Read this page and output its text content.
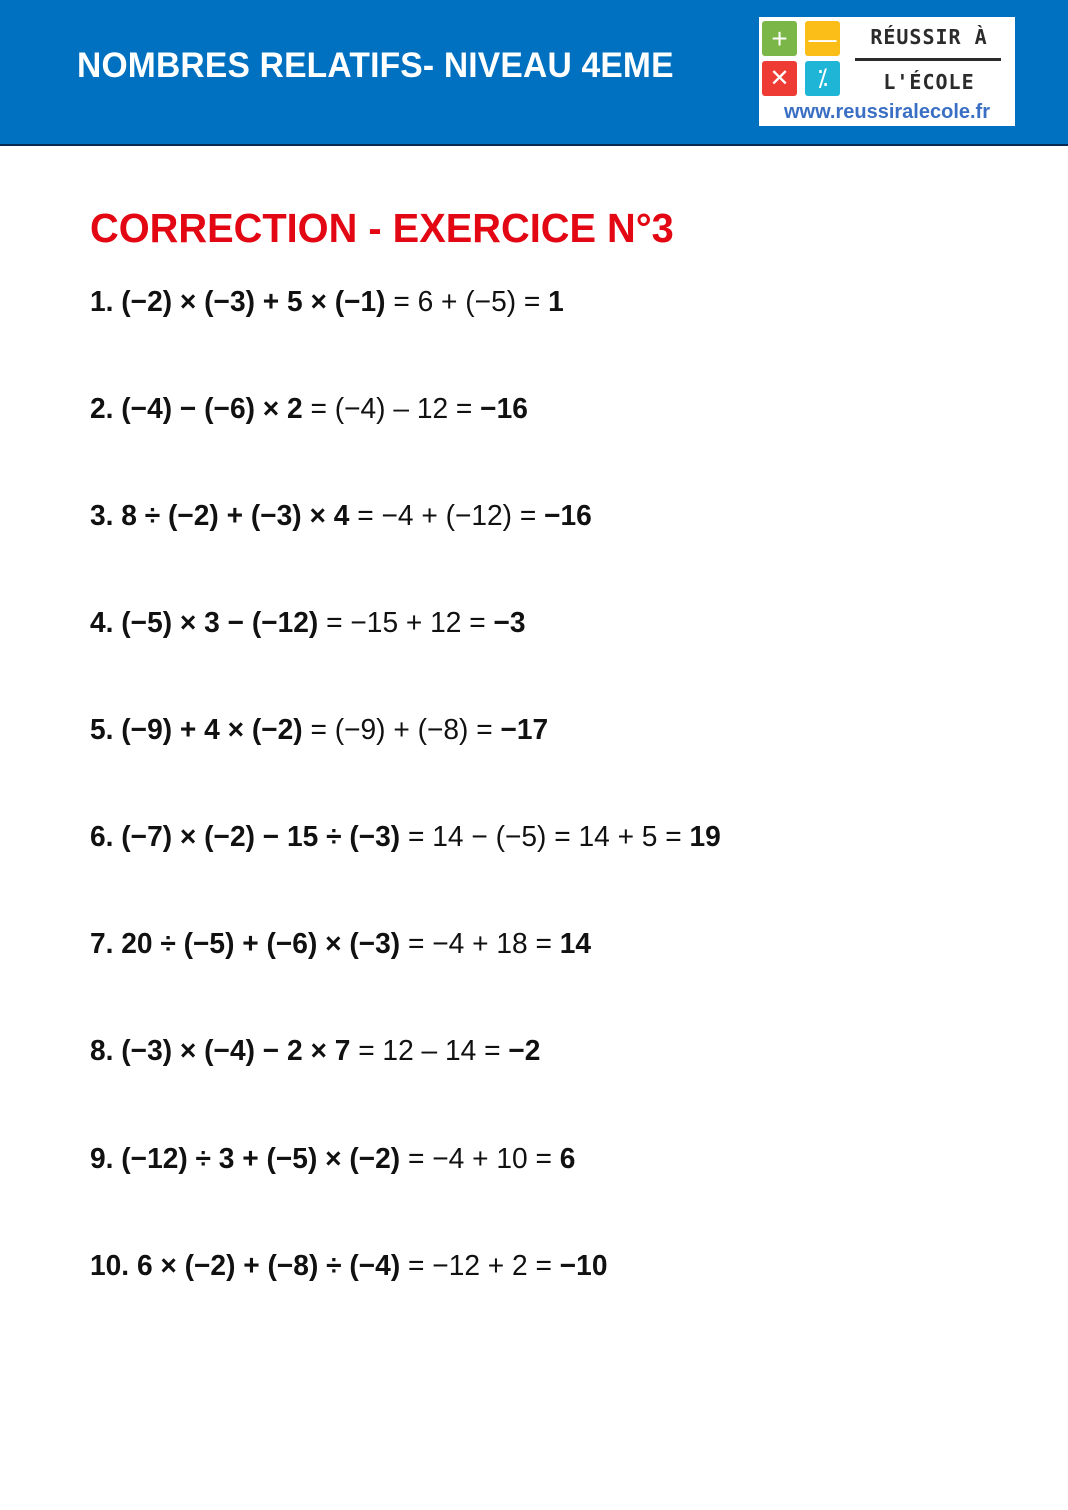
NOMBRES RELATIFS- NIVEAU 4EME
+ —
✕	⁒
RÉUSSIR À
L'ÉCOLE
www.reussiralecole.fr
CORRECTION - EXERCICE N°3
1. (−2) × (−3) + 5 × (−1) = 6 + (−5) = 1
2. (−4) − (−6) × 2 = (−4) – 12 = −16
3. 8 ÷ (−2) + (−3) × 4 = −4 + (−12) = −16
4. (−5) × 3 − (−12) = −15 + 12 = −3
5. (−9) + 4 × (−2) = (−9) + (−8) = −17
6. (−7) × (−2) − 15 ÷ (−3) = 14 − (−5) = 14 + 5 = 19
7. 20 ÷ (−5) + (−6) × (−3) = −4 + 18 = 14
8. (−3) × (−4) − 2 × 7 = 12 – 14 = −2
9. (−12) ÷ 3 + (−5) × (−2) = −4 + 10 = 6
10. 6 × (−2) + (−8) ÷ (−4) = −12 + 2 = −10
